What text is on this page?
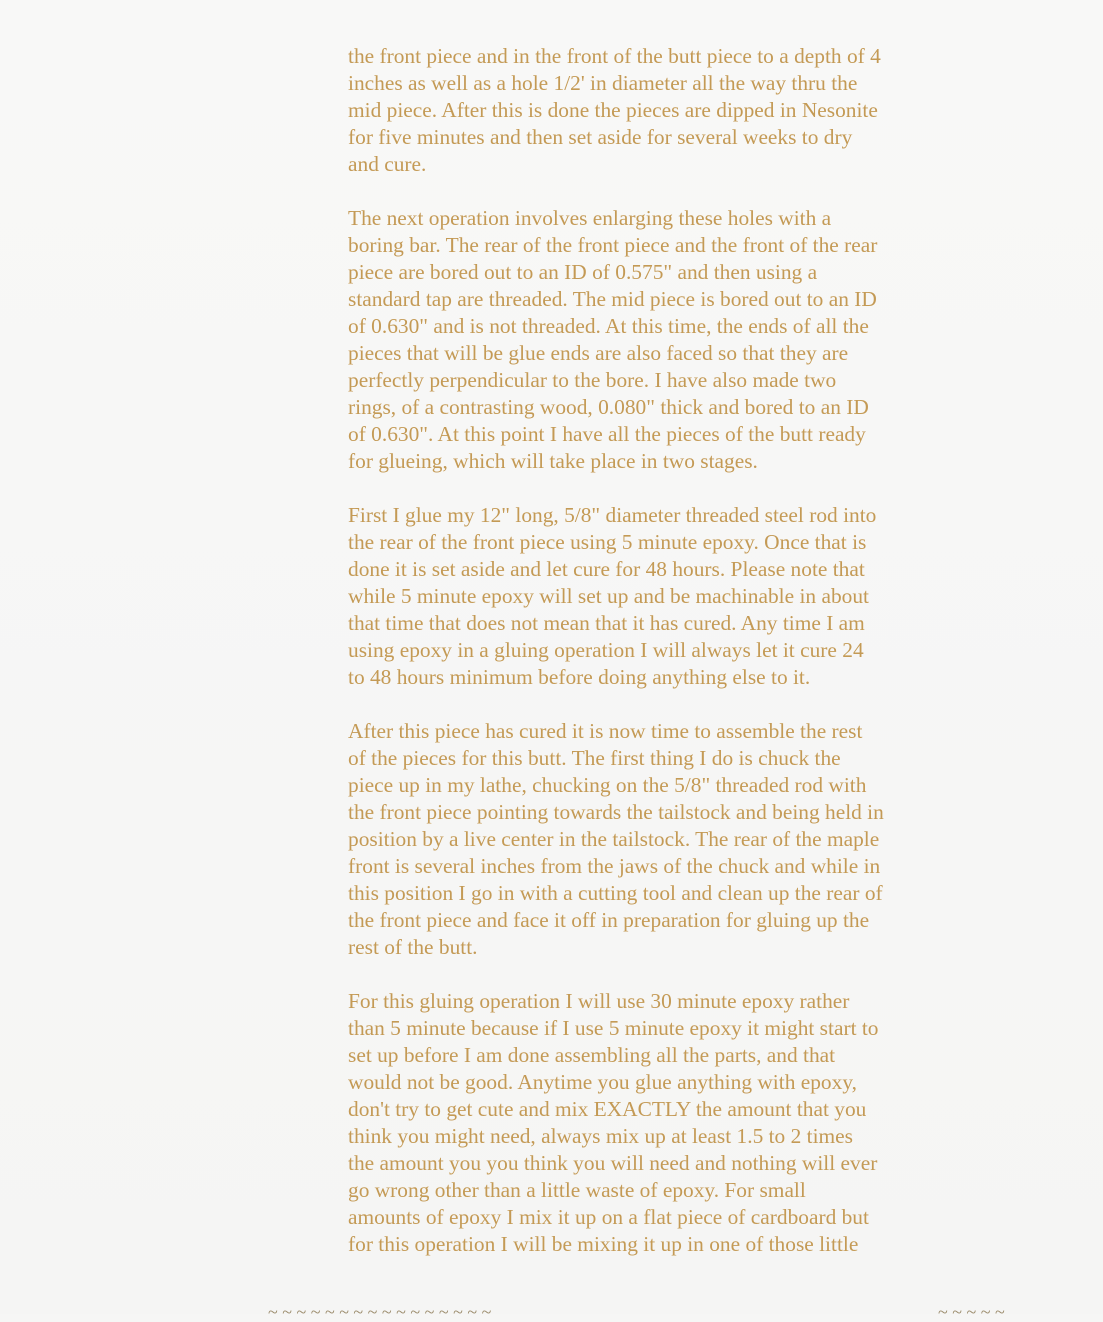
the front piece and in the front of the butt piece to a depth of 4
inches as well as a hole 1/2' in diameter all the way thru the
mid piece. After this is done the pieces are dipped in Nesonite
for five minutes and then set aside for several weeks to dry
and cure.
The next operation involves enlarging these holes with a
boring bar. The rear of the front piece and the front of the rear
piece are bored out to an ID of 0.575" and then using a
standard tap are threaded. The mid piece is bored out to an ID
of 0.630" and is not threaded. At this time, the ends of all the
pieces that will be glue ends are also faced so that they are
perfectly perpendicular to the bore. I have also made two
rings, of a contrasting wood, 0.080" thick and bored to an ID
of 0.630". At this point I have all the pieces of the butt ready
for glueing, which will take place in two stages.
First I glue my 12" long, 5/8" diameter threaded steel rod into
the rear of the front piece using 5 minute epoxy. Once that is
done it is set aside and let cure for 48 hours. Please note that
while 5 minute epoxy will set up and be machinable in about
that time that does not mean that it has cured. Any time I am
using epoxy in a gluing operation I will always let it cure 24
to 48 hours minimum before doing anything else to it.
After this piece has cured it is now time to assemble the rest
of the pieces for this butt. The first thing I do is chuck the
piece up in my lathe, chucking on the 5/8" threaded rod with
the front piece pointing towards the tailstock and being held in
position by a live center in the tailstock. The rear of the maple
front is several inches from the jaws of the chuck and while in
this position I go in with a cutting tool and clean up the rear of
the front piece and face it off in preparation for gluing up the
rest of the butt.
For this gluing operation I will use 30 minute epoxy rather
than 5 minute because if I use 5 minute epoxy it might start to
set up before I am done assembling all the parts, and that
would not be good. Anytime you glue anything with epoxy,
don't try to get cute and mix EXACTLY the amount that you
think you might need, always mix up at least 1.5 to 2 times
the amount you you think you will need and nothing will ever
go wrong other than a little waste of epoxy. For small
amounts of epoxy I mix it up on a flat piece of cardboard but
for this operation I will be mixing it up in one of those little
~ ~ ~ ~ ~ ~ ~ ~ ~ ~ ~ ~ ~ ~ ~ ~	~ ~ ~ ~ ~
